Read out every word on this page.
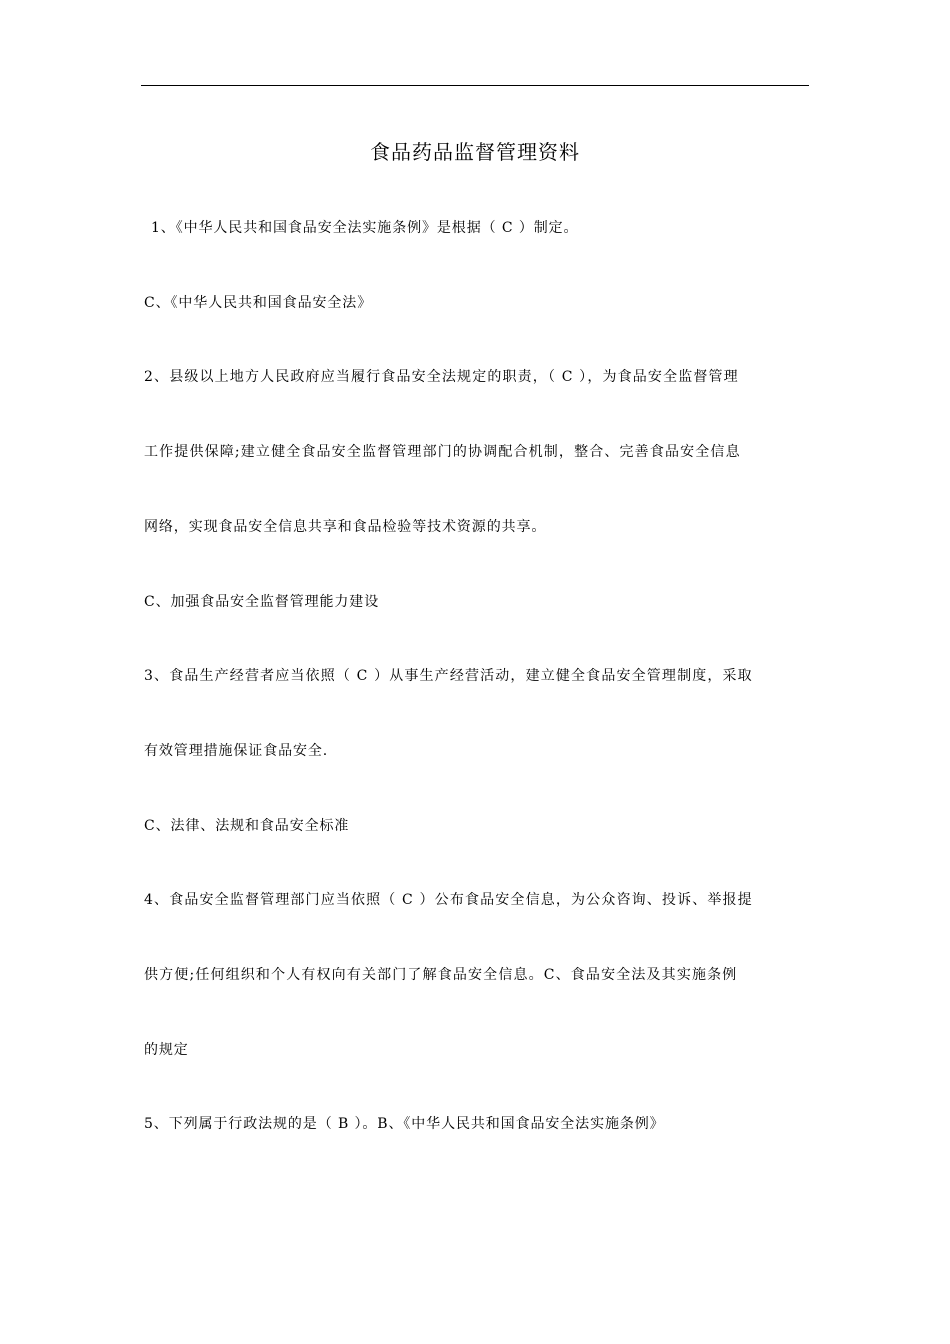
食品药品监督管理资料
1、《中华人民共和国食品安全法实施条例》是根据（ C ）制定。
C、《中华人民共和国食品安全法》
2、县级以上地方人民政府应当履行食品安全法规定的职责，（ C ），为食品安全监督管理
工作提供保障;建立健全食品安全监督管理部门的协调配合机制，整合、完善食品安全信息
网络，实现食品安全信息共享和食品检验等技术资源的共享。
C、加强食品安全监督管理能力建设
3、食品生产经营者应当依照（ C ）从事生产经营活动，建立健全食品安全管理制度，采取
有效管理措施保证食品安全.
C、法律、法规和食品安全标准
4、食品安全监督管理部门应当依照（ C ）公布食品安全信息，为公众咨询、投诉、举报提
供方便;任何组织和个人有权向有关部门了解食品安全信息。C、食品安全法及其实施条例
的规定
5、下列属于行政法规的是（ B ）。B、《中华人民共和国食品安全法实施条例》
